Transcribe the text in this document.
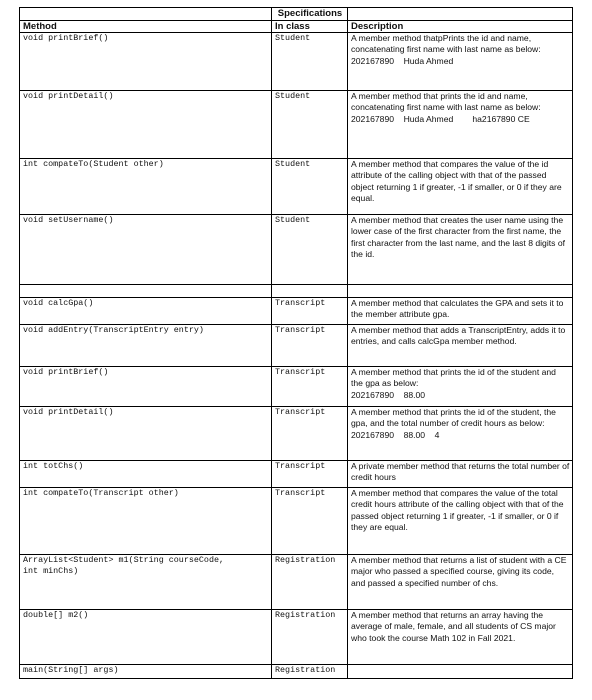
	Specifications	
Method	In class	Description
void printBrief()	Student	A member method thatpPrints the id and name, concatenating first name with last name as below:
202167890    Huda Ahmed

void printDetail()	Student	A member method that prints the id and name, concatenating first name with last name as below:
202167890    Huda Ahmed        ha2167890 CE

int compateTo(Student other)	Student	A member method that compares the value of the id attribute of the calling object with that of the passed object returning 1 if greater, -1 if smaller, or 0 if they are equal.
void setUsername()	Student	A member method that creates the user name using the lower case of the first character from the first name, the first character from the last name, and the last 8 digits of the id.

void calcGpa()	Transcript	A member method that calculates the GPA and sets it to the member attribute gpa.
void addEntry(TranscriptEntry entry)	Transcript	A member method that adds a TranscriptEntry, adds it to entries, and calls calcGpa member method.
void printBrief()	Transcript	A member method that prints the id of the student and the gpa as below:
202167890    88.00

void printDetail()	Transcript	A member method that prints the id of the student, the gpa, and the total number of credit hours as below:
202167890    88.00    4

int totChs()	Transcript	A private member method that returns the total number of credit hours
int compateTo(Transcript other)	Transcript	A member method that compares the value of the total credit hours attribute of the calling object with that of the passed object returning 1 if greater, -1 if smaller, or 0 if they are equal.
ArrayList<Student> m1(String courseCode,
int minChs)	Registration	A member method that returns a list of student with a CE major who passed a specified course, giving its code, and passed a specified number of chs.
double[] m2()	Registration	A member method that returns an array having the average of male, female, and all students of CS major who took the course Math 102 in Fall 2021.
main(String[] args)	Registration	
